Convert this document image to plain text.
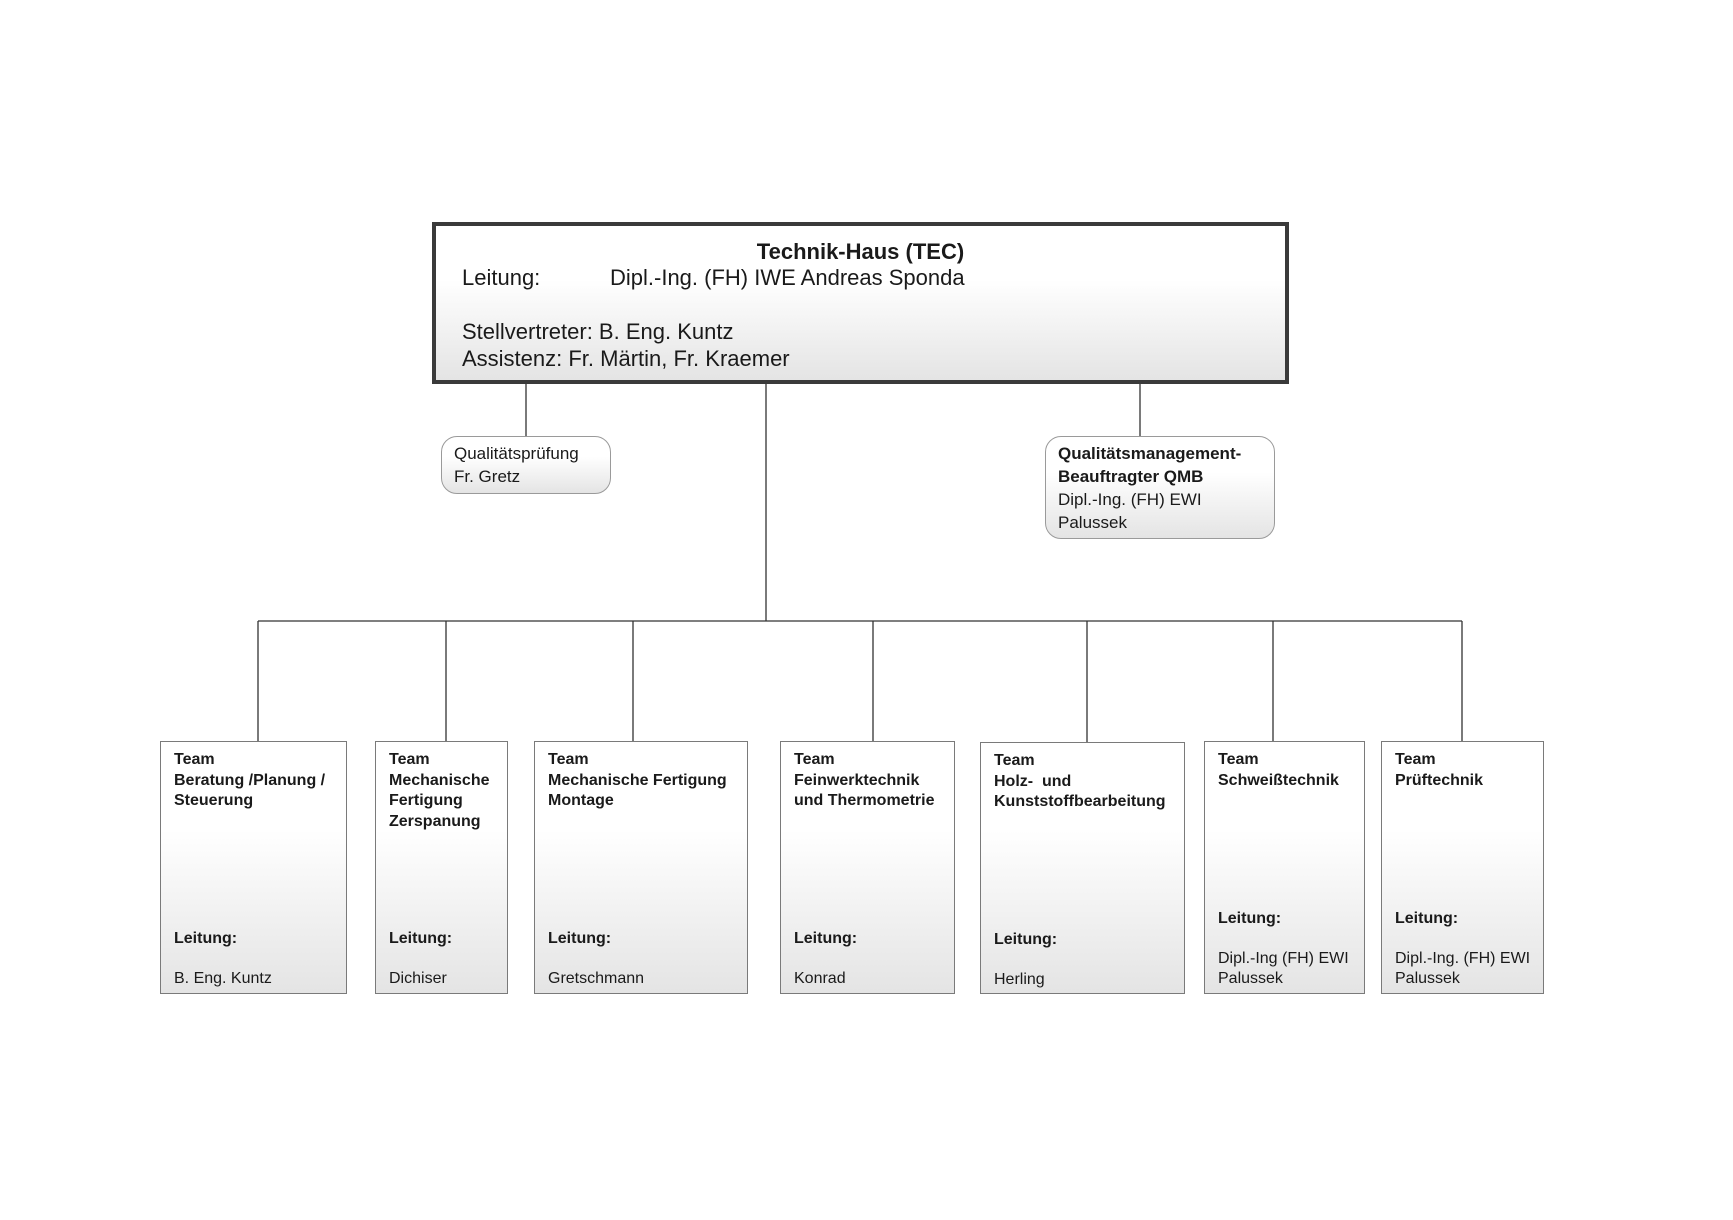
Technik-Haus (TEC)
Leitung:	Dipl.-Ing. (FH) IWE Andreas Sponda
Stellvertreter: B. Eng. Kuntz
Assistenz: Fr. Märtin, Fr. Kraemer
Qualitätsprüfung
Fr. Gretz
Qualitätsmanagement-
Beauftragter QMB
Dipl.-Ing. (FH) EWI
Palussek
Team
Beratung /Planung /
Steuerung
Leitung:
B. Eng. Kuntz
Team
Mechanische
Fertigung
Zerspanung
Leitung:
Dichiser
Team
Mechanische Fertigung
Montage
Leitung:
Gretschmann
Team
Feinwerktechnik
und Thermometrie
Leitung:
Konrad
Team
Holz-  und
Kunststoffbearbeitung
Leitung:
Herling
Team
Schweißtechnik
Leitung:
Dipl.-Ing (FH) EWI
Palussek
Team
Prüftechnik
Leitung:
Dipl.-Ing. (FH) EWI
Palussek
